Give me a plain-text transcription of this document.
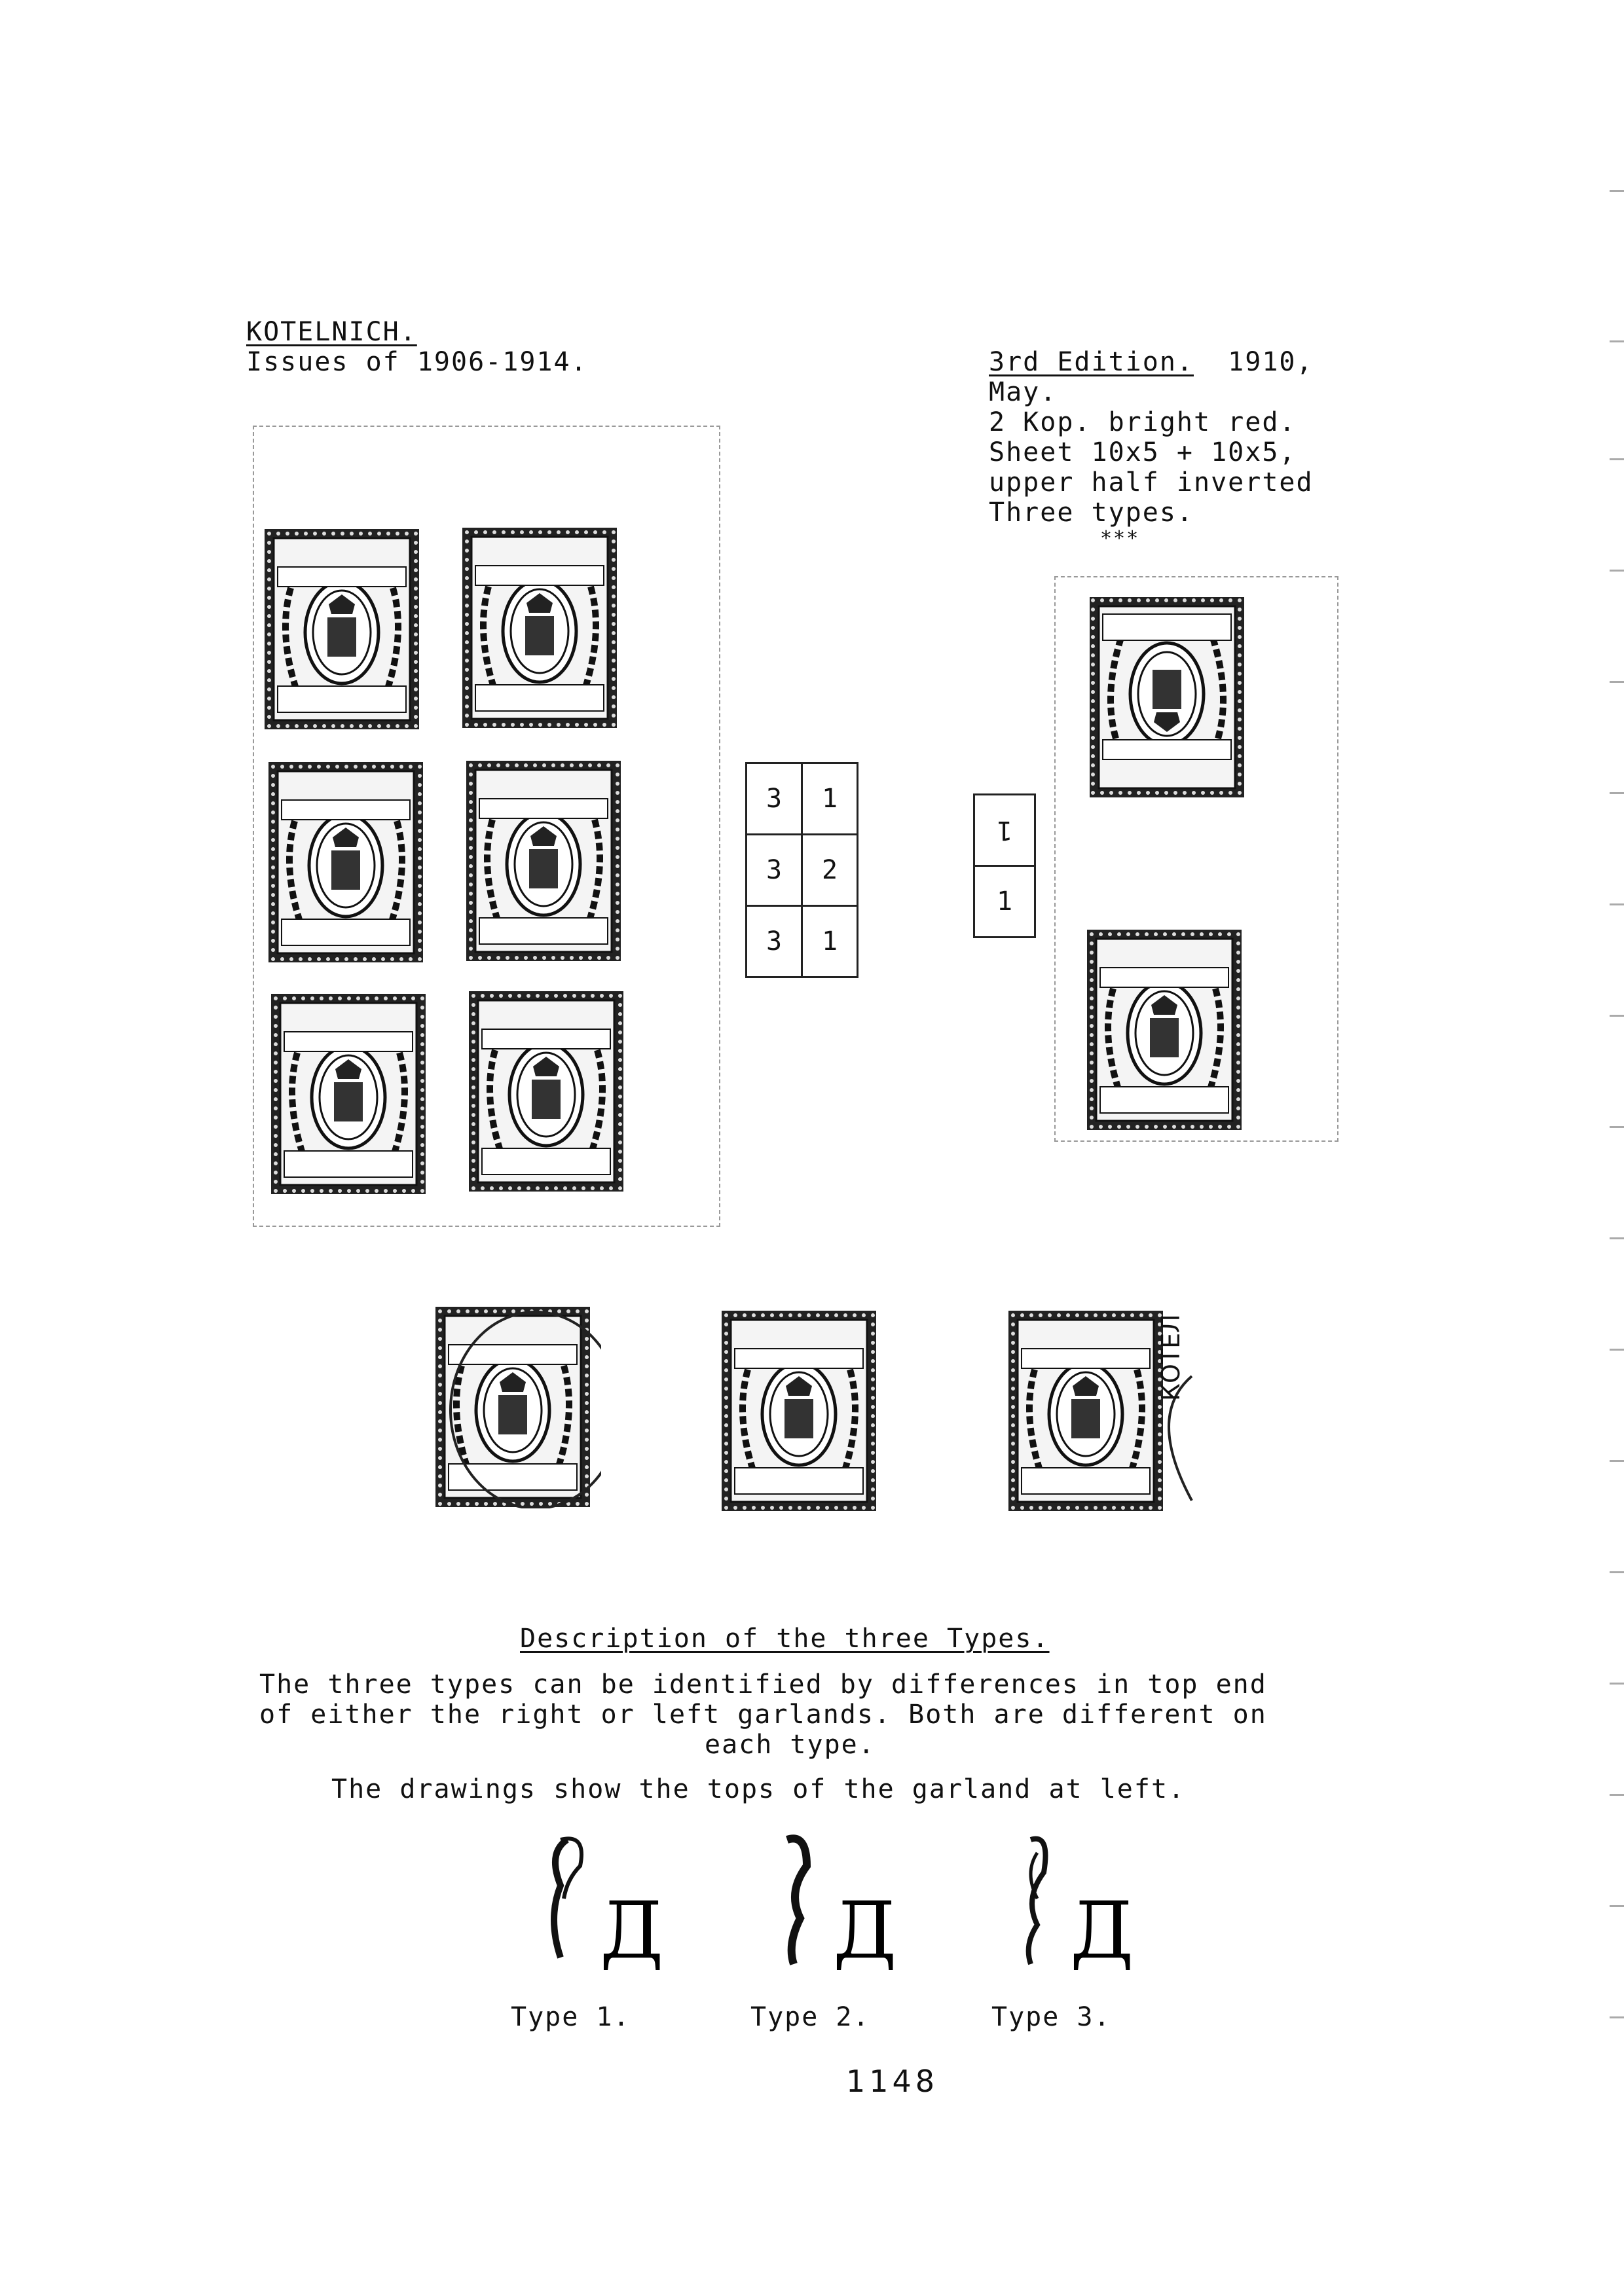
KOTELNICH.
Issues of 1906-1914.	3rd Edition. 1910,
May.
2 Kop. bright red.
Sheet 10x5 + 10x5,
upper half inverted
Three types.
***
3	1
3	2
3	1
1
1
КОТЕЛ
Description of the three Types.
The three types can be identified by differences in top end
of either the right or left garlands. Both are different on
each type.
The drawings show the tops of the garland at left.
Д Д Д
Type 1.	Type 2.	Type 3.
1148
